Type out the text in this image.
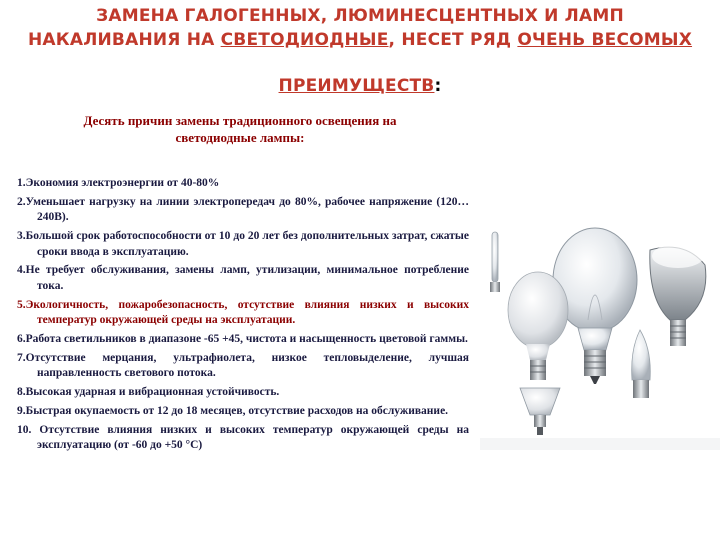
ЗАМЕНА ГАЛОГЕННЫХ, ЛЮМИНЕСЦЕНТНЫХ И ЛАМП
НАКАЛИВАНИЯ НА СВЕТОДИОДНЫЕ, НЕСЕТ РЯД ОЧЕНЬ ВЕСОМЫХ
ПРЕИМУЩЕСТВ:
Десять причин замены традиционного освещения на
светодиодные лампы:
1.Экономия электроэнергии от 40-80%
2.Уменьшает нагрузку на линии электропередач до 80%, рабочее напряжение (120…240В).
3.Большой срок работоспособности от 10 до 20 лет без дополнительных затрат, сжатые сроки ввода в эксплуатацию.
4.Не требует обслуживания, замены ламп, утилизации, минимальное потребление тока.
5.Экологичность, пожаробезопасность, отсутствие влияния низких и высоких температур окружающей среды на эксплуатации.
6.Работа светильников в диапазоне -65 +45, чистота и насыщенность цветовой гаммы.
7.Отсутствие мерцания, ультрафиолета, низкое тепловыделение, лучшая направленность светового потока.
8.Высокая ударная и вибрационная устойчивость.
9.Быстрая окупаемость от 12 до 18 месяцев, отсутствие расходов на обслуживание.
10. Отсутствие влияния низких и высоких температур окружающей среды на эксплуатацию (от -60 до +50 °С)
